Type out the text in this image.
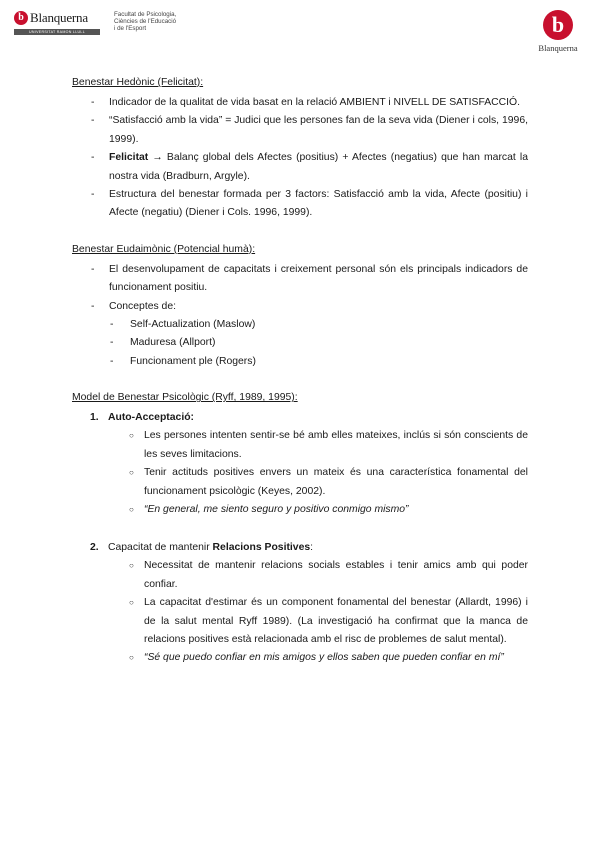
b Blanquerna
UNIVERSITAT RAMON LLULL
Facultat de Psicologia,
Ciències de l'Educació
i de l'Esport	b
Blanquerna
Benestar Hedònic (Felicitat):
- Indicador de la qualitat de vida basat en la relació AMBIENT i NIVELL DE SATISFACCIÓ.
- “Satisfacció amb la vida” = Judici que les persones fan de la seva vida (Diener i cols, 1996, 1999).
- Felicitat → Balanç global dels Afectes (positius) + Afectes (negatius) que han marcat la nostra vida (Bradburn, Argyle).
- Estructura del benestar formada per 3 factors: Satisfacció amb la vida, Afecte (positiu) i Afecte (negatiu) (Diener i Cols. 1996, 1999).
Benestar Eudaimònic (Potencial humà):
- El desenvolupament de capacitats i creixement personal són els principals indicadors de funcionament positiu.
- Conceptes de:
- Self-Actualization (Maslow)
- Maduresa (Allport)
- Funcionament ple (Rogers)
Model de Benestar Psicològic (Ryff, 1989, 1995):
1. Auto-Acceptació:
○ Les persones intenten sentir-se bé amb elles mateixes, inclús si són conscients de les seves limitacions.
○ Tenir actituds positives envers un mateix és una característica fonamental del funcionament psicològic (Keyes, 2002).
○ “En general, me siento seguro y positivo conmigo mismo”
2. Capacitat de mantenir Relacions Positives:
○ Necessitat de mantenir relacions socials estables i tenir amics amb qui poder confiar.
○ La capacitat d'estimar és un component fonamental del benestar (Allardt, 1996) i de la salut mental Ryff 1989). (La investigació ha confirmat que la manca de relacions positives està relacionada amb el risc de problemes de salut mental).
○ “Sé que puedo confiar en mis amigos y ellos saben que pueden confiar en mí”
